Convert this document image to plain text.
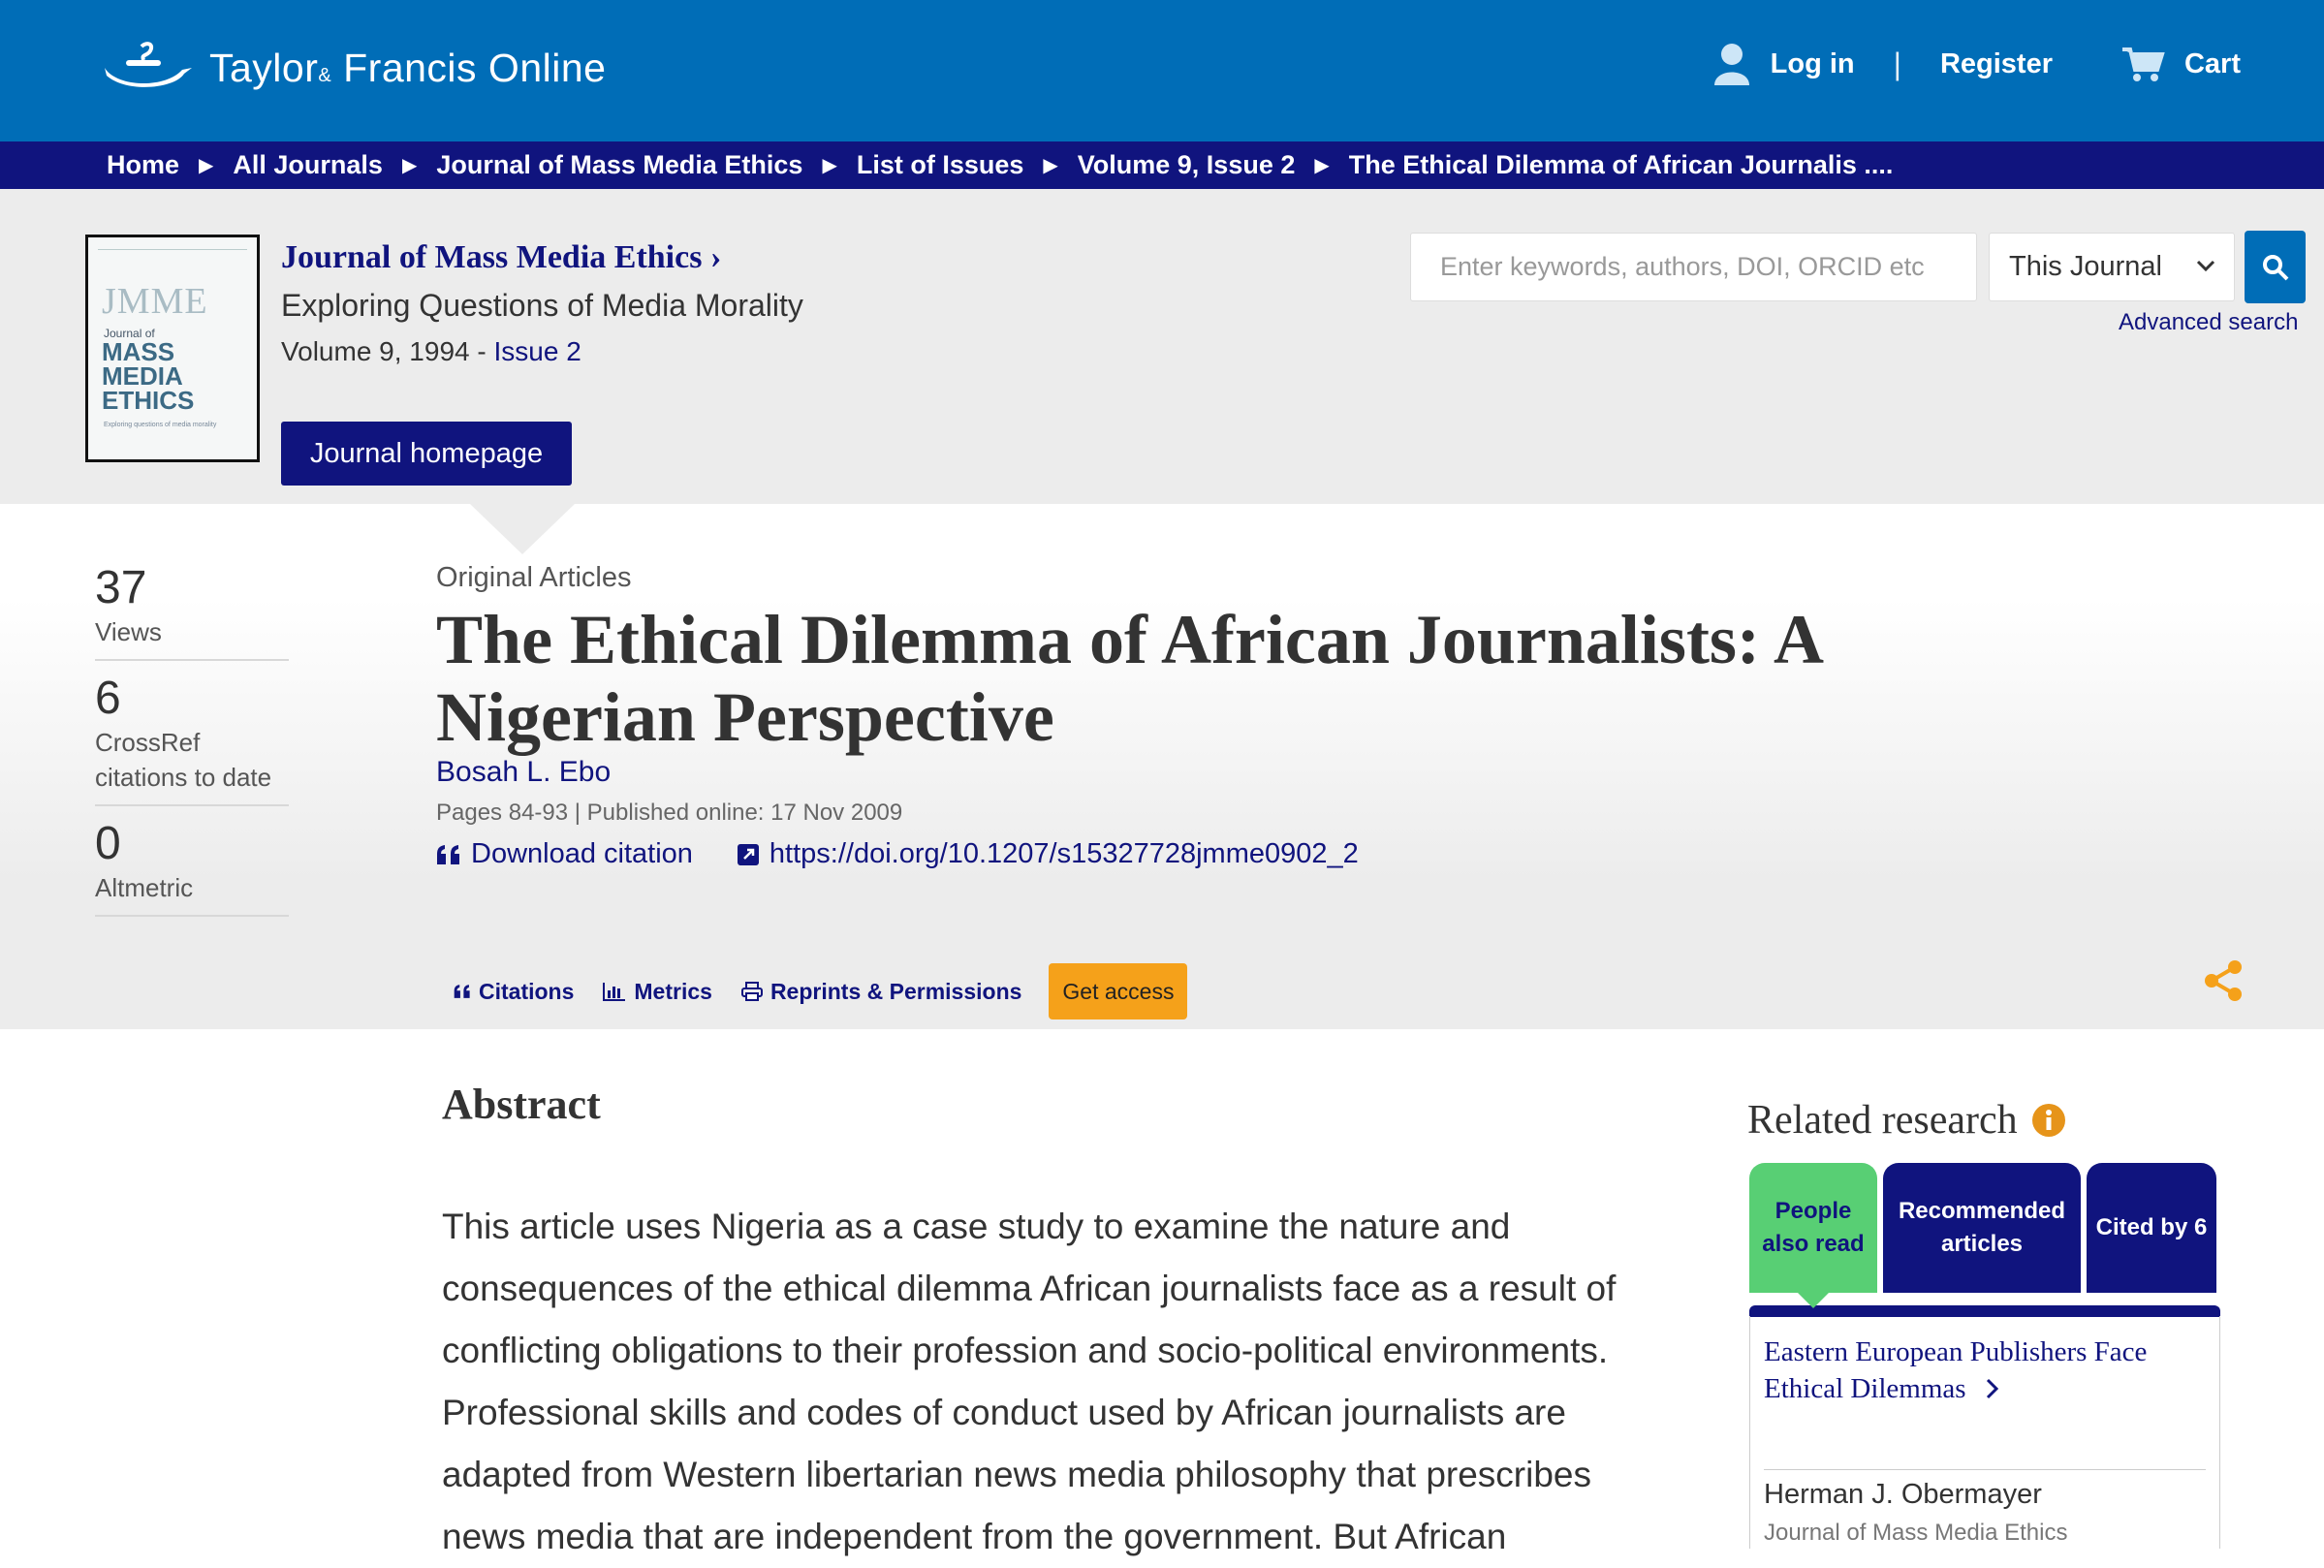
Taylor& Francis Online	Log in | Register	Cart
Home ▶ All Journals ▶ Journal of Mass Media Ethics ▶ List of Issues ▶ Volume 9, Issue 2 ▶ The Ethical Dilemma of African Journalis ....
JMME
Journal of
MASS
MEDIA
ETHICS
Exploring questions of media morality
Journal of Mass Media Ethics ›
Exploring Questions of Media Morality
Volume 9, 1994 - Issue 2
Journal homepage
Enter keywords, authors, DOI, ORCID etc	This Journal
Advanced search
37
Views
6
CrossRef citations to date
0
Altmetric
Original Articles
The Ethical Dilemma of African Journalists: A Nigerian Perspective
Bosah L. Ebo
Pages 84-93 | Published online: 17 Nov 2009
Download citation	https://doi.org/10.1207/s15327728jmme0902_2
Citations	Metrics	Reprints & Permissions	Get access
Abstract

This article uses Nigeria as a case study to examine the nature and consequences of the ethical dilemma African journalists face as a result of conflicting obligations to their profession and socio-political environments. Professional skills and codes of conduct used by African journalists are adapted from Western libertarian news media philosophy that prescribes news media that are independent from the government. But African

Related research
People also read
Recommended articles
Cited by 6
Eastern European Publishers Face Ethical Dilemmas
Herman J. Obermayer
Journal of Mass Media Ethics
